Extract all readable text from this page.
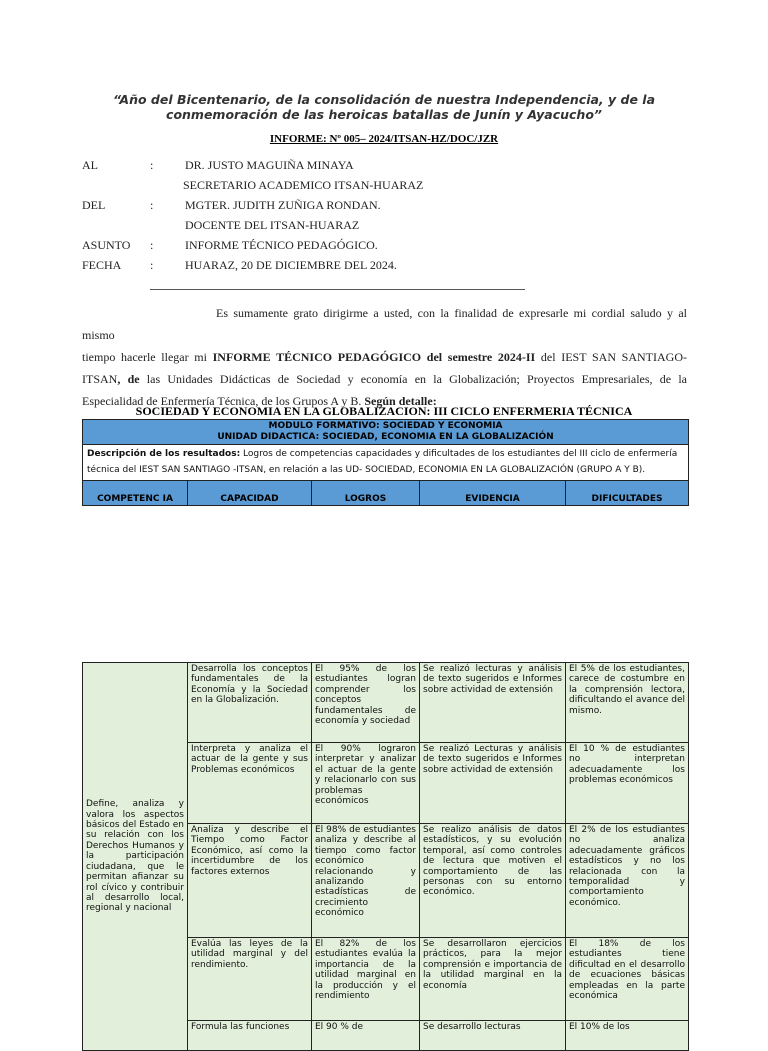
“Año del Bicentenario, de la consolidación de nuestra Independencia, y de la
conmemoración de las heroicas batallas de Junín y Ayacucho”
INFORME: Nº 005– 2024/ITSAN-HZ/DOC/JZR
AL	:	DR. JUSTO MAGUIÑA MINAYA
SECRETARIO ACADEMICO ITSAN-HUARAZ
DEL	:	MGTER. JUDITH ZUÑIGA RONDAN.
DOCENTE DEL ITSAN-HUARAZ
ASUNTO :	INFORME TÉCNICO PEDAGÓGICO.
FECHA :	HUARAZ, 20 DE DICIEMBRE DEL 2024.
Es sumamente grato dirigirme a usted, con la finalidad de expresarle mi cordial saludo y al mismo
tiempo hacerle llegar mi INFORME TÉCNICO PEDAGÓGICO del semestre 2024-II del IEST SAN SANTIAGO-ITSAN, de las Unidades Didácticas de Sociedad y economía en la Globalización; Proyectos Empresariales, de la Especialidad de Enfermería Técnica, de los Grupos A y B. Según detalle:
SOCIEDAD Y ECONOMIA EN LA GLOBALIZACION: III CICLO ENFERMERIA TÉCNICA
MODULO FORMATIVO: SOCIEDAD Y ECONOMIA
UNIDAD DIDACTICA: SOCIEDAD, ECONOMIA EN LA GLOBALIZACIÓN

Descripción de los resultados: Logros de competencias capacidades y dificultades de los estudiantes del III ciclo de enfermería técnica del IEST SAN SANTIAGO -ITSAN, en relación a las UD- SOCIEDAD, ECONOMIA EN LA GLOBALIZACIÓN (GRUPO A Y B).
COMPETENC IA	CAPACIDAD	LOGROS	EVIDENCIA	DIFICULTADES
Define, analiza y valora los aspectos básicos del Estado en su relación con los Derechos Humanos y la participación ciudadana, que le permitan afianzar su rol cívico y contribuir al desarrollo local, regional y nacional	Desarrolla los conceptos fundamentales de la Economía y la Sociedad en la Globalización.	El 95% de los estudiantes logran comprender los conceptos fundamentales de economía y sociedad	Se realizó lecturas y análisis de texto sugeridos e Informes sobre actividad de extensión	El 5% de los estudiantes, carece de costumbre en la comprensión lectora, dificultando el avance del mismo.
	Interpreta y analiza el actuar de la gente y sus Problemas económicos	El 90% lograron interpretar y analizar el actuar de la gente y relacionarlo con sus problemas económicos	Se realizó Lecturas y análisis de texto sugeridos e Informes sobre actividad de extensión	El 10 % de estudiantes no interpretan adecuadamente los problemas económicos
	Analiza y describe el Tiempo como Factor Económico, así como la incertidumbre de los factores externos	El 98% de estudiantes analiza y describe al tiempo como factor económico relacionando y analizando estadísticas de crecimiento económico	Se realizo análisis de datos estadísticos, y su evolución temporal, así como controles de lectura que motiven el comportamiento de las personas con su entorno económico.	El 2% de los estudiantes no analiza adecuadamente gráficos estadísticos y no los relacionada con la temporalidad y comportamiento económico.
	Evalúa las leyes de la utilidad marginal y del rendimiento.	El 82% de los estudiantes evalúa la importancia de la utilidad marginal en la producción y el rendimiento	Se desarrollaron ejercicios prácticos, para la mejor comprensión e importancia de la utilidad marginal en la economía	El 18% de los estudiantes tiene dificultad en el desarrollo de ecuaciones básicas empleadas en la parte económica
	Formula las funciones	El 90 % de	Se desarrollo lecturas	El 10% de los
